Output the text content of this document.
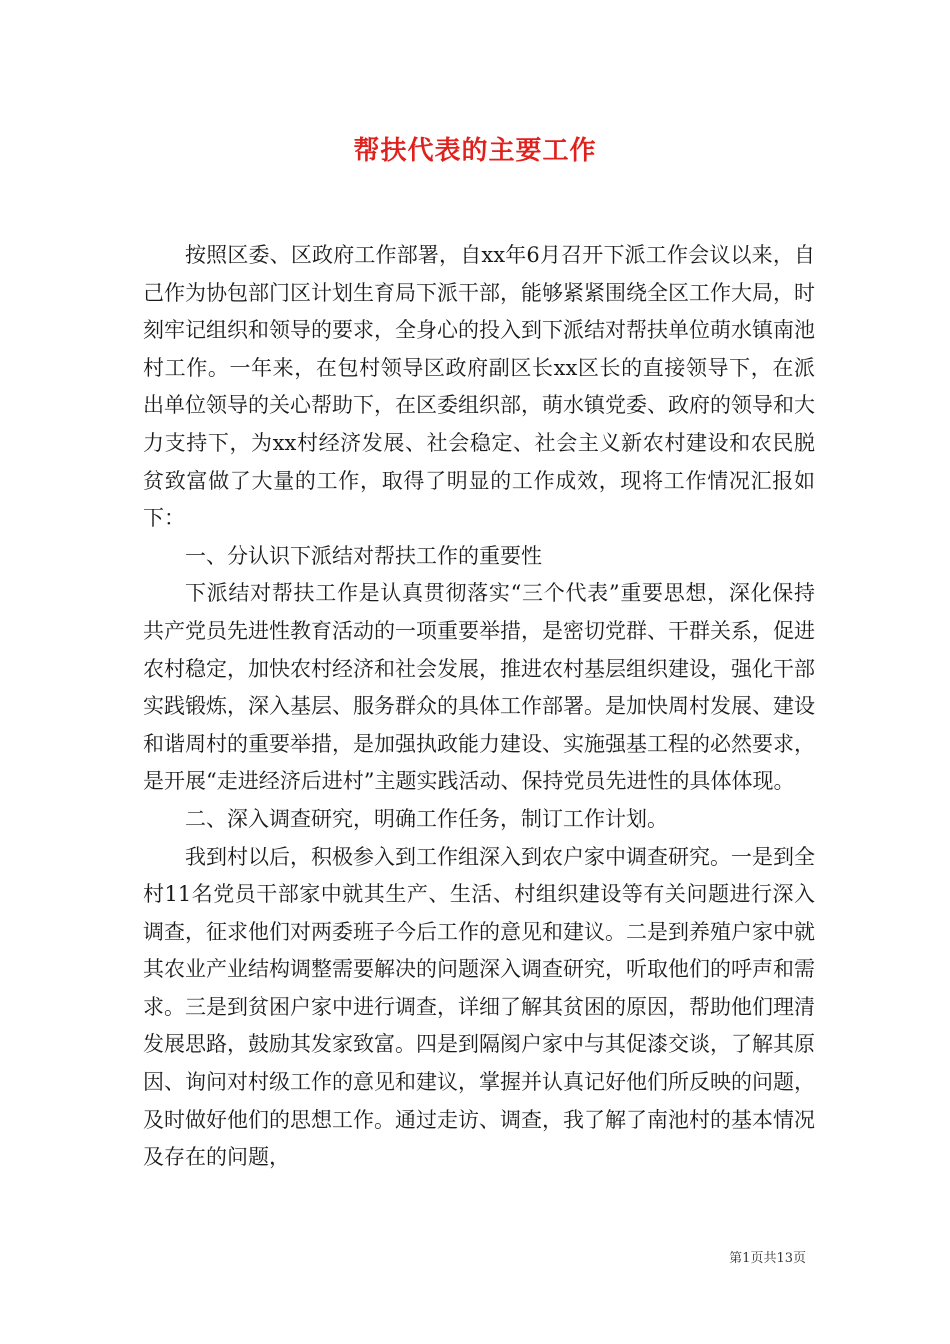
帮扶代表的主要工作

按照区委、区政府工作部署，自xx年6月召开下派工作会议以来，自己作为协包部门区计划生育局下派干部，能够紧紧围绕全区工作大局，时刻牢记组织和领导的要求，全身心的投入到下派结对帮扶单位萌水镇南池村工作。一年来，在包村领导区政府副区长xx区长的直接领导下，在派出单位领导的关心帮助下，在区委组织部，萌水镇党委、政府的领导和大力支持下，为xx村经济发展、社会稳定、社会主义新农村建设和农民脱贫致富做了大量的工作，取得了明显的工作成效，现将工作情况汇报如下：

一、分认识下派结对帮扶工作的重要性

下派结对帮扶工作是认真贯彻落实“三个代表”重要思想，深化保持共产党员先进性教育活动的一项重要举措，是密切党群、干群关系，促进农村稳定，加快农村经济和社会发展，推进农村基层组织建设，强化干部实践锻炼，深入基层、服务群众的具体工作部署。是加快周村发展、建设和谐周村的重要举措，是加强执政能力建设、实施强基工程的必然要求，是开展“走进经济后进村”主题实践活动、保持党员先进性的具体体现。

二、深入调查研究，明确工作任务，制订工作计划。

我到村以后，积极参入到工作组深入到农户家中调查研究。一是到全村11名党员干部家中就其生产、生活、村组织建设等有关问题进行深入调查，征求他们对两委班子今后工作的意见和建议。二是到养殖户家中就其农业产业结构调整需要解决的问题深入调查研究，听取他们的呼声和需求。三是到贫困户家中进行调查，详细了解其贫困的原因，帮助他们理清发展思路，鼓励其发家致富。四是到隔阂户家中与其促漆交谈，了解其原因、询问对村级工作的意见和建议，掌握并认真记好他们所反映的问题，及时做好他们的思想工作。通过走访、调查，我了解了南池村的基本情况及存在的问题，

第1页共13页
